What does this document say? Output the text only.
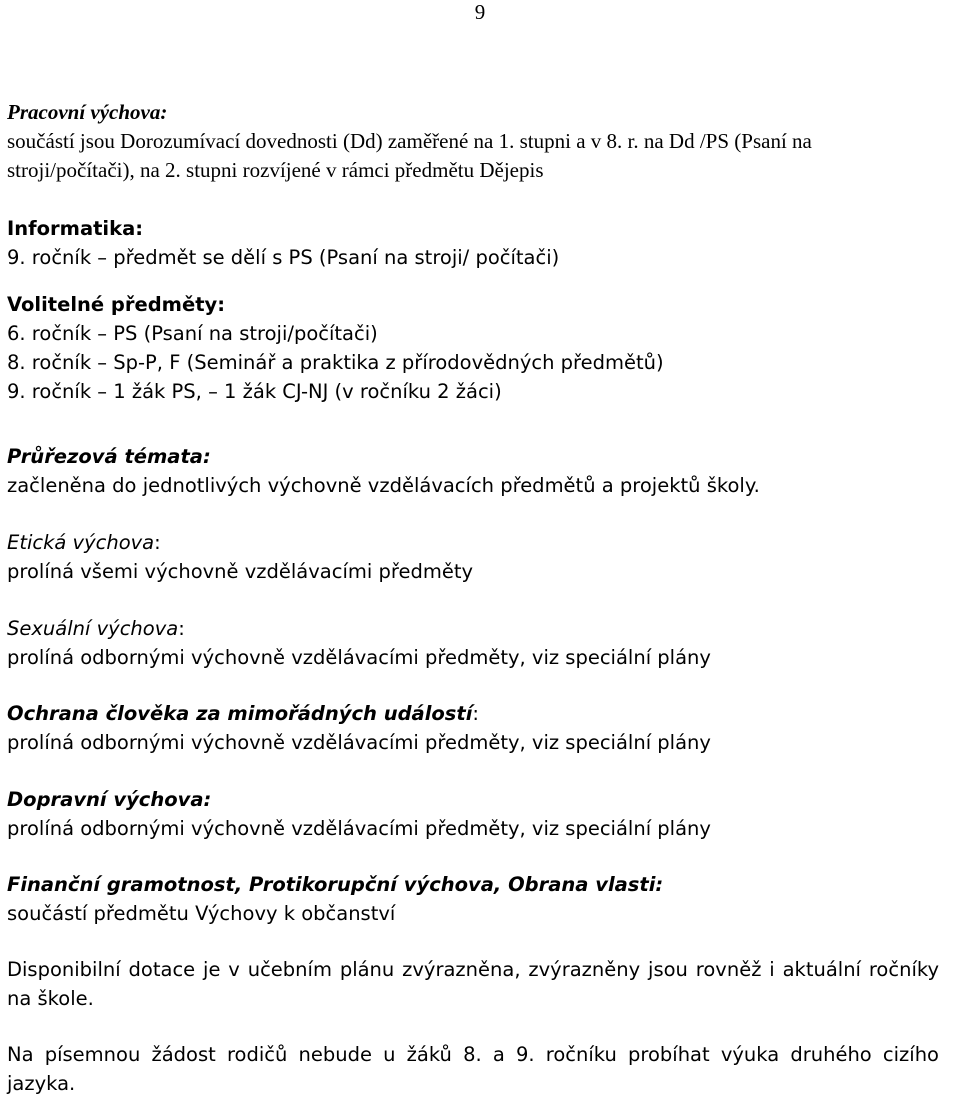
9
Pracovní výchova:
součástí jsou Dorozumívací dovednosti (Dd) zaměřené na 1. stupni a v 8. r. na Dd /PS (Psaní na
stroji/počítači), na 2. stupni rozvíjené v rámci předmětu Dějepis
Informatika:
9. ročník – předmět se dělí s PS (Psaní na stroji/ počítači)
Volitelné předměty:
6. ročník – PS (Psaní na stroji/počítači)
8. ročník – Sp-P, F (Seminář a praktika z přírodovědných předmětů)
9. ročník – 1 žák PS, – 1 žák CJ-NJ (v ročníku 2 žáci)
Průřezová témata:
začleněna do jednotlivých výchovně vzdělávacích předmětů a projektů školy.
Etická výchova:
prolíná všemi výchovně vzdělávacími předměty
Sexuální výchova:
prolíná odbornými výchovně vzdělávacími předměty, viz speciální plány
Ochrana člověka za mimořádných událostí:
prolíná odbornými výchovně vzdělávacími předměty, viz speciální plány
Dopravní výchova:
prolíná odbornými výchovně vzdělávacími předměty, viz speciální plány
Finanční gramotnost, Protikorupční výchova, Obrana vlasti:
součástí předmětu Výchovy k občanství
Disponibilní dotace je v učebním plánu zvýrazněna, zvýrazněny jsou rovněž i aktuální ročníky na škole.
Na písemnou žádost rodičů nebude u žáků 8. a 9. ročníku probíhat výuka druhého cizího jazyka.
